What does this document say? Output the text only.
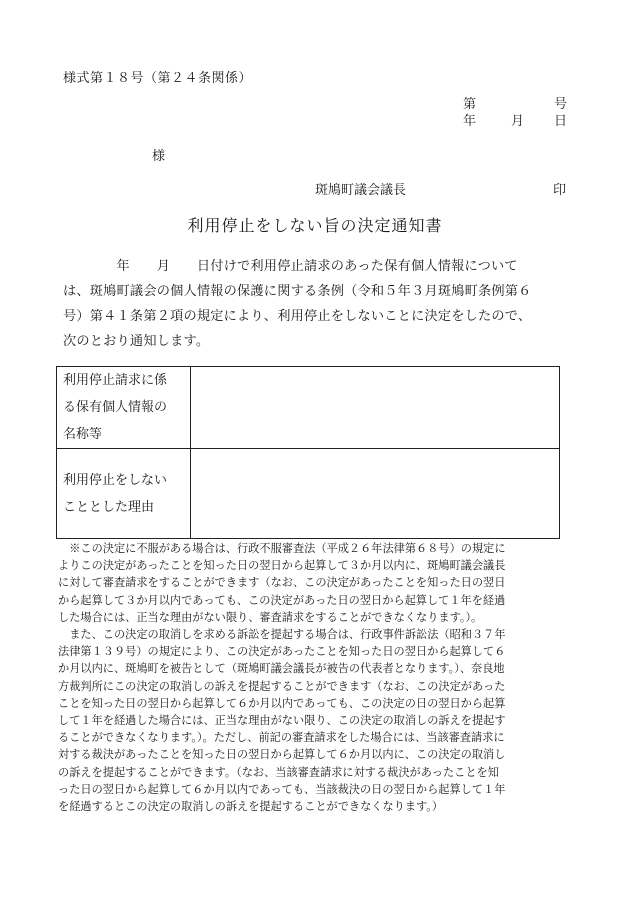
様式第１８号（第２４条関係）
第	号
年	月 日
様
斑鳩町議会議長	印
利用停止をしない旨の決定通知書
　　　　年　　月　　日付けで利用停止請求のあった保有個人情報について
は、斑鳩町議会の個人情報の保護に関する条例（令和５年３月斑鳩町条例第６
号）第４１条第２項の規定により、利用停止をしないことに決定をしたので、
次のとおり通知します。
利用停止請求に係
る保有個人情報の
名称等	

利用停止をしない
こととした理由	

　※この決定に不服がある場合は、行政不服審査法（平成２６年法律第６８号）の規定に
よりこの決定があったことを知った日の翌日から起算して３か月以内に、斑鳩町議会議長
に対して審査請求をすることができます（なお、この決定があったことを知った日の翌日
から起算して３か月以内であっても、この決定があった日の翌日から起算して１年を経過
した場合には、正当な理由がない限り、審査請求をすることができなくなります。）。
　また、この決定の取消しを求める訴訟を提起する場合は、行政事件訴訟法（昭和３７年
法律第１３９号）の規定により、この決定があったことを知った日の翌日から起算して６
か月以内に、斑鳩町を被告として（斑鳩町議会議長が被告の代表者となります。）、奈良地
方裁判所にこの決定の取消しの訴えを提起することができます（なお、この決定があった
ことを知った日の翌日から起算して６か月以内であっても、この決定の日の翌日から起算
して１年を経過した場合には、正当な理由がない限り、この決定の取消しの訴えを提起す
ることができなくなります。）。ただし、前記の審査請求をした場合には、当該審査請求に
対する裁決があったことを知った日の翌日から起算して６か月以内に、この決定の取消し
の訴えを提起することができます。（なお、当該審査請求に対する裁決があったことを知
った日の翌日から起算して６か月以内であっても、当該裁決の日の翌日から起算して１年
を経過するとこの決定の取消しの訴えを提起することができなくなります。）
